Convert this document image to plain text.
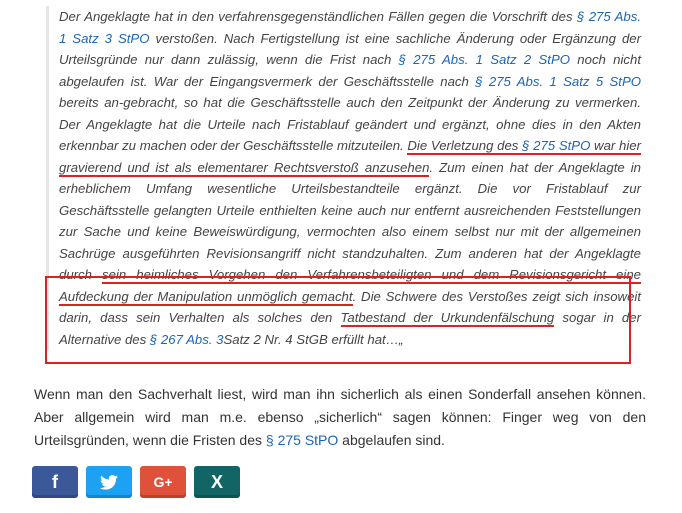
Der Angeklagte hat in den verfahrensgegenständlichen Fällen gegen die Vorschrift des § 275 Abs. 1 Satz 3 StPO verstoßen. Nach Fertigstellung ist eine sachliche Änderung oder Ergänzung der Urteilsgründe nur dann zulässig, wenn die Frist nach § 275 Abs. 1 Satz 2 StPO noch nicht abgelaufen ist. War der Eingangsvermerk der Geschäftsstelle nach § 275 Abs. 1 Satz 5 StPO bereits an-gebracht, so hat die Geschäftsstelle auch den Zeitpunkt der Änderung zu vermerken. Der Angeklagte hat die Urteile nach Fristablauf geändert und ergänzt, ohne dies in den Akten erkennbar zu machen oder der Geschäftsstelle mitzuteilen. Die Verletzung des § 275 StPO war hier gravierend und ist als elementarer Rechtsverstoß anzusehen. Zum einen hat der Angeklagte in erheblichem Umfang wesentliche Urteilsbestandteile ergänzt. Die vor Fristablauf zur Geschäftsstelle gelangten Urteile enthielten keine auch nur entfernt ausreichenden Feststellungen zur Sache und keine Beweiswürdigung, vermochten also einem selbst nur mit der allgemeinen Sachrüge ausgeführten Revisionsangriff nicht standzuhalten. Zum anderen hat der Angeklagte durch sein heimliches Vorgehen den Verfahrensbeteiligten und dem Revisionsgericht eine Aufdeckung der Manipulation unmöglich gemacht. Die Schwere des Verstoßes zeigt sich insoweit darin, dass sein Verhalten als solches den Tatbestand der Urkundenfälschung sogar in der Alternative des § 267 Abs. 3Satz 2 Nr. 4 StGB erfüllt hat…„

Wenn man den Sachverhalt liest, wird man ihn sicherlich als einen Sonderfall ansehen können. Aber allgemein wird man m.e. ebenso „sicherlich“ sagen können: Finger weg von den Urteilsgründen, wenn die Fristen des § 275 StPO abgelaufen sind.
f	G+ X
